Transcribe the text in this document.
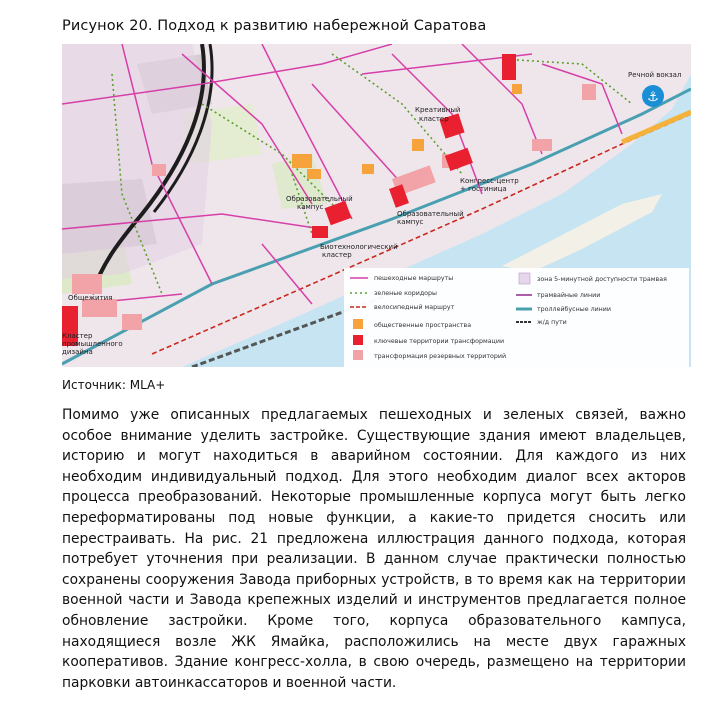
Рисунок 20. Подход к развитию набережной Саратова
⚓
Речной вокзал
Креативный
кластер
Конгресс-центр
+ гостиница
Образовательный
кампус
Образовательный
кампус
Биотехнологический
кластер
Общежития
Кластер
промышленного
дизайна
пешеходные маршруты
зеленые коридоры
велосипедный маршрут
общественные пространства
ключевые территории трансформации
трансформация резервных территорий
зона 5-минутной доступности трамвая
трамвайные линии
троллейбусные линии
ж/д пути
Источник: MLA+

Помимо уже описанных предлагаемых пешеходных и зеленых связей, важно особое внимание уделить застройке. Существующие здания имеют владельцев, историю и могут находиться в аварийном состоянии. Для каждого из них необходим индивидуальный подход. Для этого необходим диалог всех акторов процесса преобразований. Некоторые промышленные корпуса могут быть легко переформатированы под новые функции, а какие-то придется сносить или перестраивать. На рис. 21 предложена иллюстрация данного подхода, которая потребует уточнения при реализации. В данном случае практически полностью сохранены сооружения Завода приборных устройств, в то время как на территории военной части и Завода крепежных изделий и инструментов предлагается полное обновление застройки. Кроме того, корпуса образовательного кампуса, находящиеся возле ЖК Ямайка, расположились на месте двух гаражных кооперативов. Здание конгресс-холла, в свою очередь, размещено на территории парковки автоинкассаторов и военной части.
